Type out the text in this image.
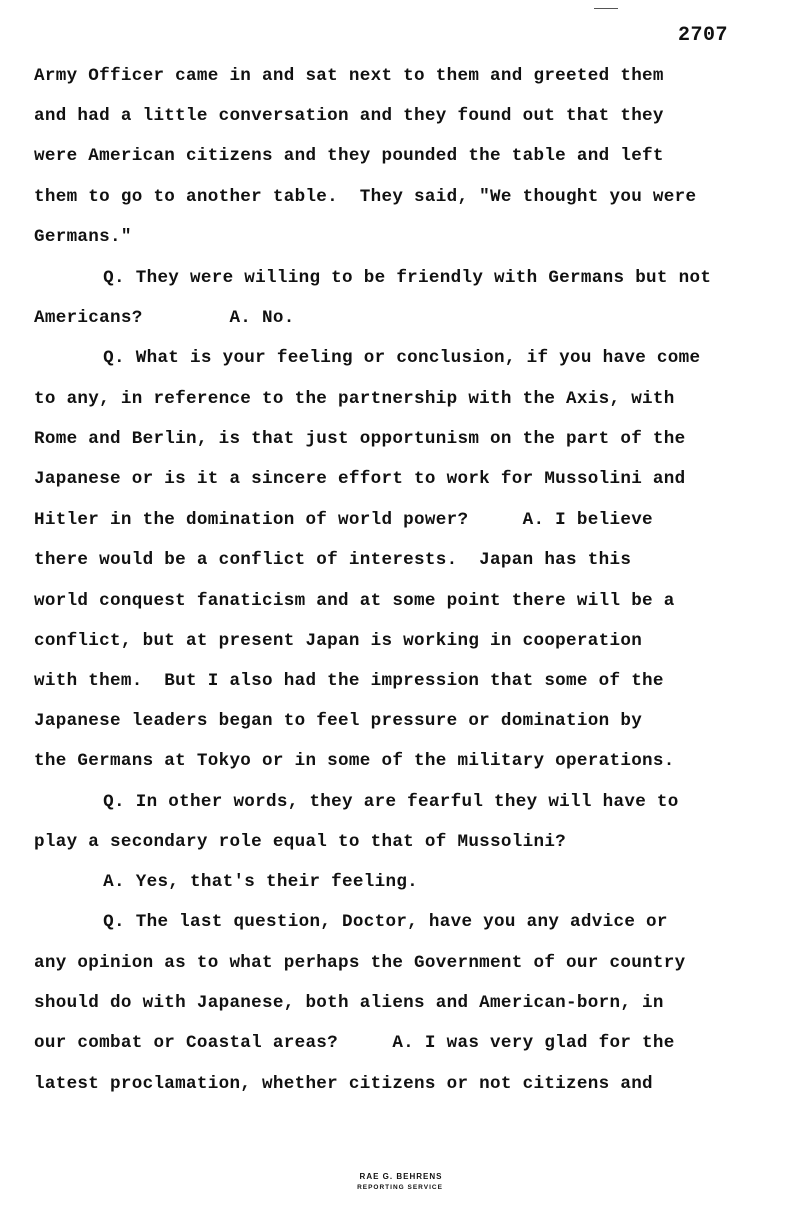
2707
Army Officer came in and sat next to them and greeted them
and had a little conversation and they found out that they
were American citizens and they pounded the table and left
them to go to another table.  They said, "We thought you were
Germans."
Q. They were willing to be friendly with Germans but not
Americans?        A. No.
Q. What is your feeling or conclusion, if you have come
to any, in reference to the partnership with the Axis, with
Rome and Berlin, is that just opportunism on the part of the
Japanese or is it a sincere effort to work for Mussolini and
Hitler in the domination of world power?     A. I believe
there would be a conflict of interests.  Japan has this
world conquest fanaticism and at some point there will be a
conflict, but at present Japan is working in cooperation
with them.  But I also had the impression that some of the
Japanese leaders began to feel pressure or domination by
the Germans at Tokyo or in some of the military operations.
Q. In other words, they are fearful they will have to
play a secondary role equal to that of Mussolini?
A. Yes, that's their feeling.
Q. The last question, Doctor, have you any advice or
any opinion as to what perhaps the Government of our country
should do with Japanese, both aliens and American-born, in
our combat or Coastal areas?     A. I was very glad for the
latest proclamation, whether citizens or not citizens and
RAE G. BEHRENS
REPORTING SERVICE
